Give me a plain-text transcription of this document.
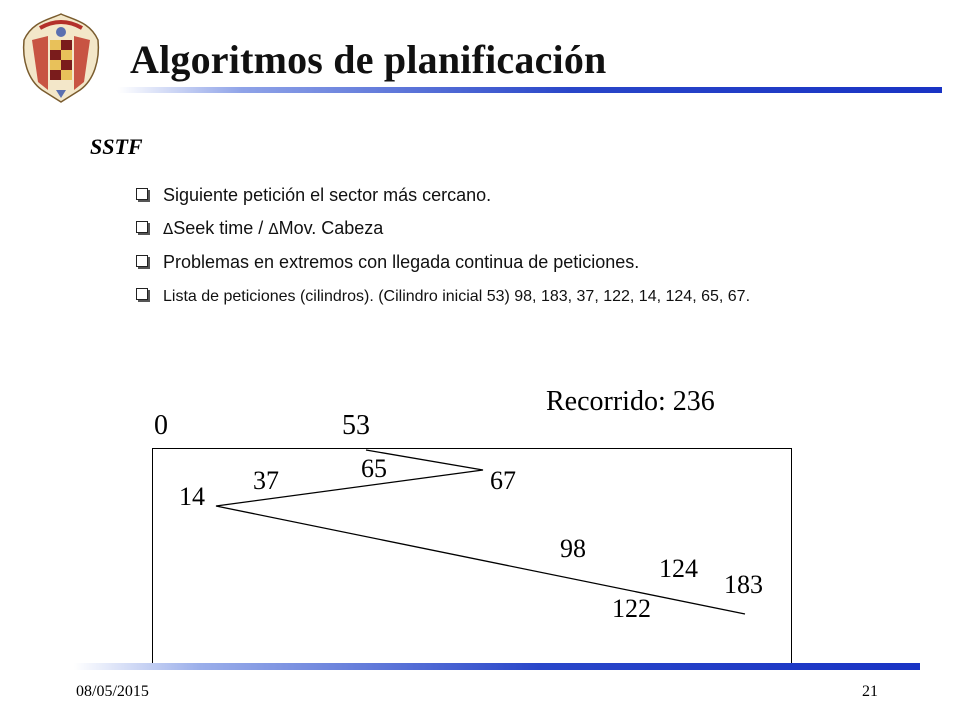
Algoritmos de planificación
SSTF
Siguiente petición el sector más cercano.
ΔSeek time / ΔMov. Cabeza
Problemas en extremos con llegada continua de peticiones.
Lista de peticiones (cilindros). (Cilindro inicial 53) 98, 183, 37, 122, 14, 124, 65, 67.
Recorrido: 236
0	53
65	67
37
14
98
124
183
122
08/05/2015	21
